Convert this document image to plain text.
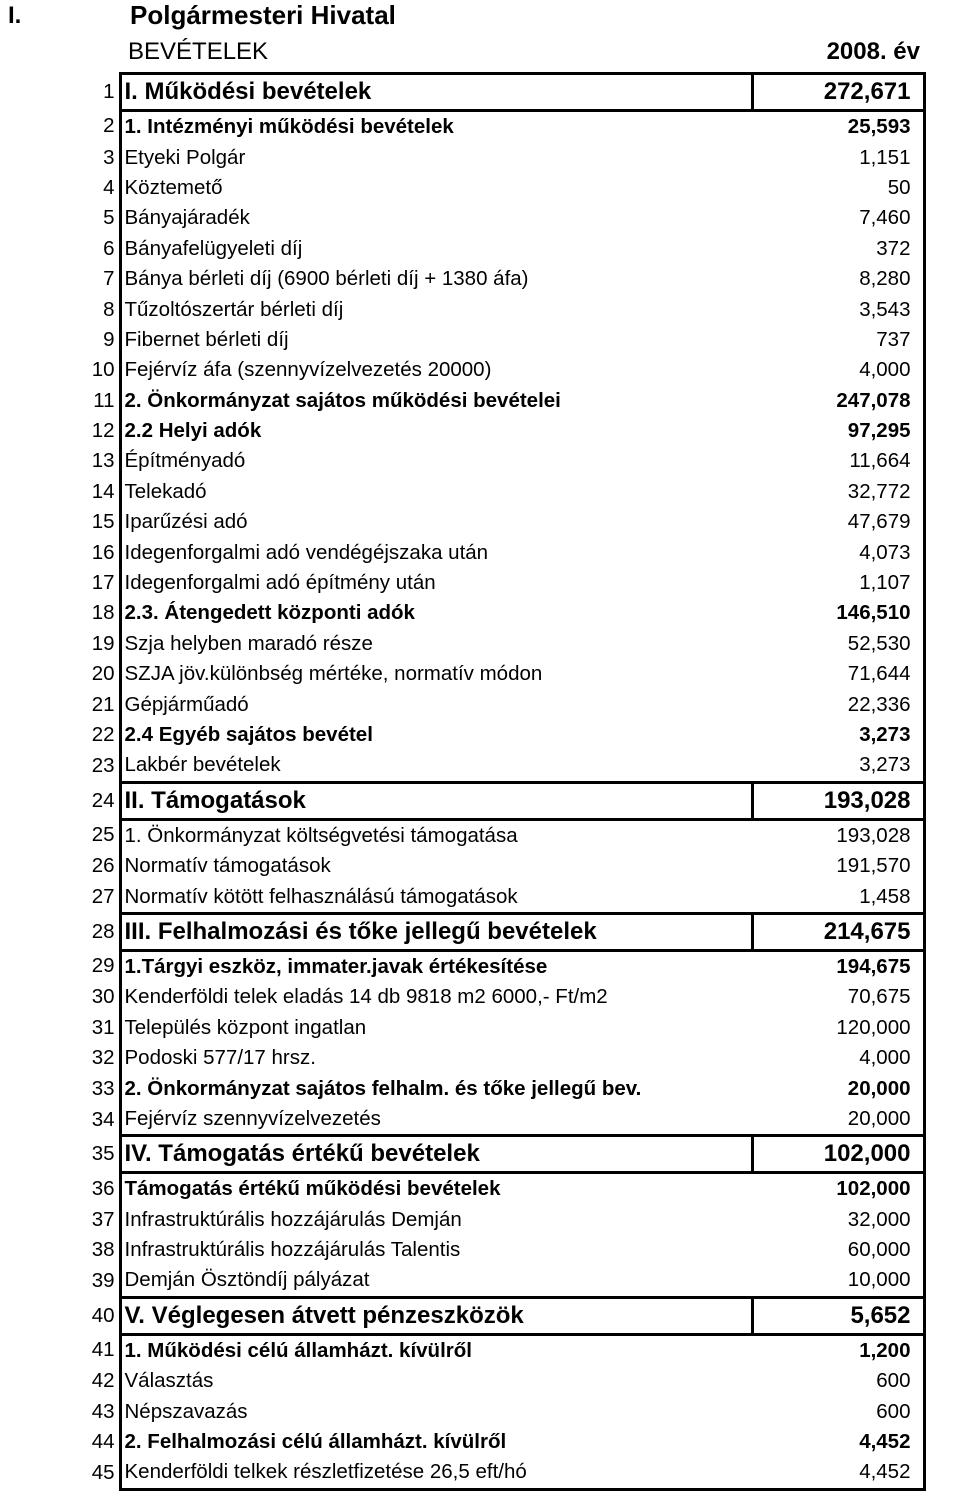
I.	Polgármesteri Hivatal
BEVÉTELEK	2008. év
1	I. Működési bevételek	272,671
2	1. Intézményi működési bevételek	25,593
3	Etyeki Polgár	1,151
4	Köztemető	50
5	Bányajáradék	7,460
6	Bányafelügyeleti díj	372
7	Bánya bérleti díj (6900 bérleti díj + 1380 áfa)	8,280
8	Tűzoltószertár bérleti díj	3,543
9	Fibernet bérleti díj	737
10	Fejérvíz áfa (szennyvízelvezetés 20000)	4,000
11	2. Önkormányzat sajátos működési bevételei	247,078
12	2.2 Helyi adók	97,295
13	Építményadó	11,664
14	Telekadó	32,772
15	Iparűzési adó	47,679
16	Idegenforgalmi adó vendégéjszaka után	4,073
17	Idegenforgalmi adó építmény után	1,107
18	2.3. Átengedett központi adók	146,510
19	Szja helyben maradó része	52,530
20	SZJA jöv.különbség mértéke, normatív módon	71,644
21	Gépjárműadó	22,336
22	2.4 Egyéb sajátos bevétel	3,273
23	Lakbér bevételek	3,273
24	II. Támogatások	193,028
25	1. Önkormányzat költségvetési támogatása	193,028
26	Normatív támogatások	191,570
27	Normatív kötött felhasználású támogatások	1,458
28	III. Felhalmozási és tőke jellegű bevételek	214,675
29	1.Tárgyi eszköz, immater.javak értékesítése	194,675
30	Kenderföldi telek eladás 14 db 9818 m2 6000,- Ft/m2	70,675
31	Település központ ingatlan	120,000
32	Podoski 577/17 hrsz.	4,000
33	2. Önkormányzat sajátos felhalm. és tőke jellegű bev.	20,000
34	Fejérvíz szennyvízelvezetés	20,000
35	IV. Támogatás értékű bevételek	102,000
36	Támogatás értékű működési bevételek	102,000
37	Infrastruktúrális hozzájárulás Demján	32,000
38	Infrastruktúrális hozzájárulás Talentis	60,000
39	Demján Ösztöndíj pályázat	10,000
40	V. Véglegesen átvett pénzeszközök	5,652
41	1. Működési célú államházt. kívülről	1,200
42	Választás	600
43	Népszavazás	600
44	2. Felhalmozási célú államházt. kívülről	4,452
45	Kenderföldi telkek részletfizetése 26,5 eft/hó	4,452
